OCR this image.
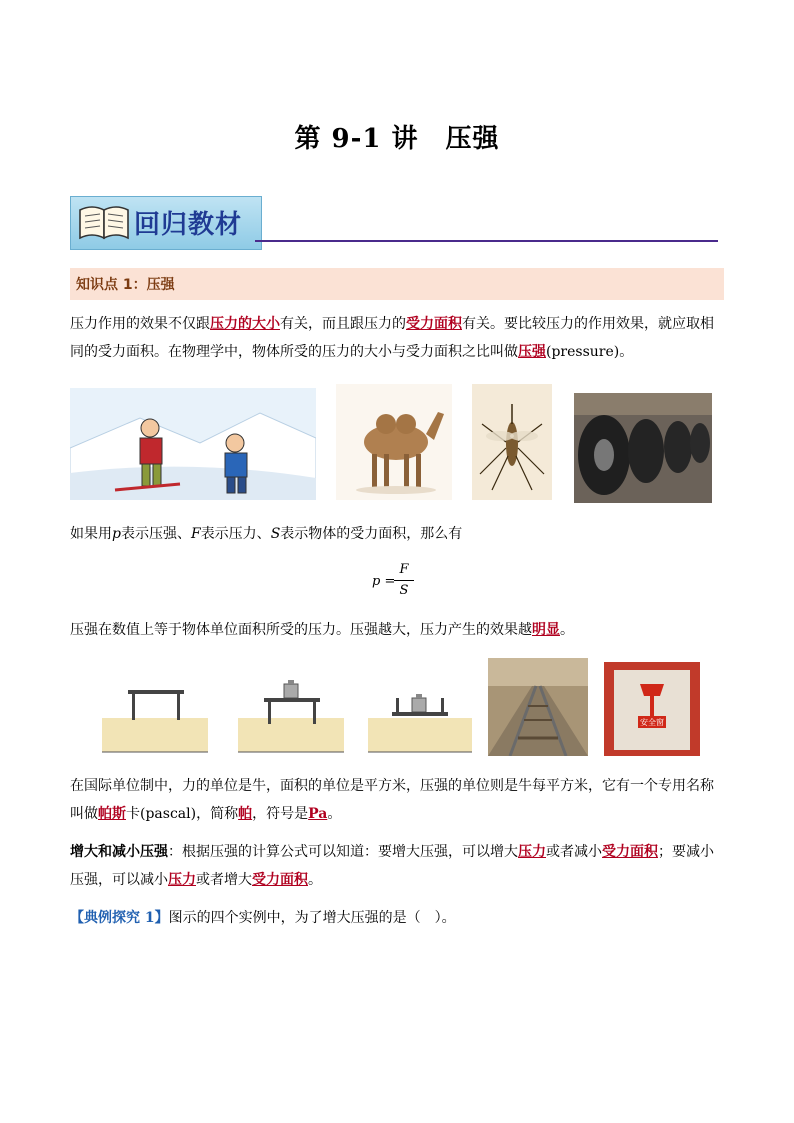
第 9-1 讲　压强
回归教材
知识点 1：压强
压力作用的效果不仅跟压力的大小有关，而且跟压力的受力面积有关。要比较压力的作用效果，就应取相同的受力面积。在物理学中，物体所受的压力的大小与受力面积之比叫做压强(pressure)。
如果用p表示压强、F表示压力、S表示物体的受力面积，那么有
p =
F
S
压强在数值上等于物体单位面积所受的压力。压强越大，压力产生的效果越明显。
安全窗
在国际单位制中，力的单位是牛，面积的单位是平方米，压强的单位则是牛每平方米，它有一个专用名称叫做帕斯卡(pascal)，简称帕，符号是Pa。
增大和减小压强：根据压强的计算公式可以知道：要增大压强，可以增大压力或者减小受力面积；要减小压强，可以减小压力或者增大受力面积。
【典例探究 1】图示的四个实例中，为了增大压强的是（　）。
